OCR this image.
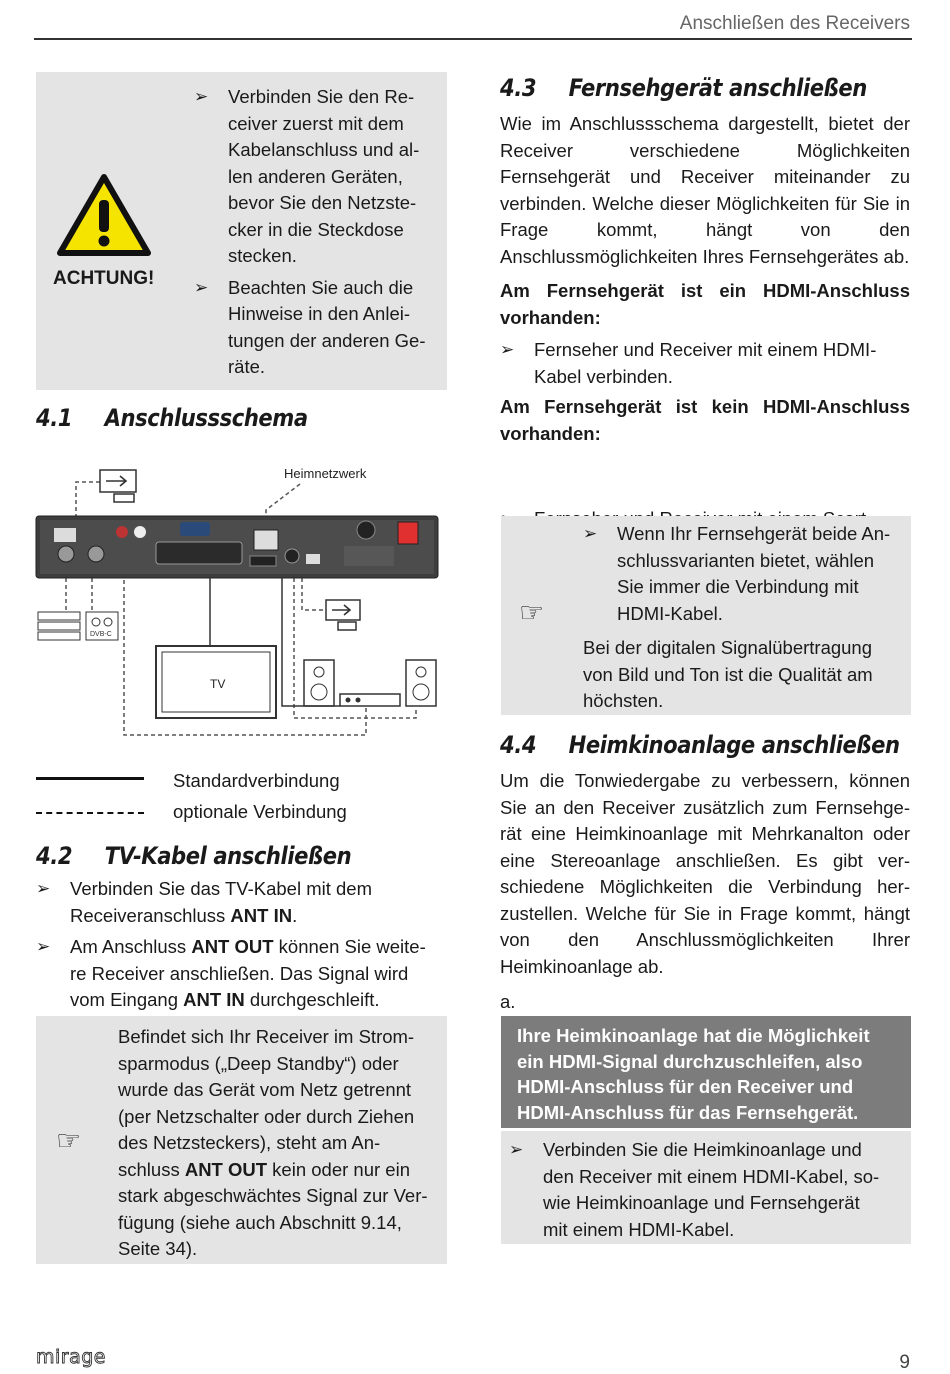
Anschließen des Receivers
ACHTUNG!
➢ Verbinden Sie den Re-
ceiver zuerst mit dem
Kabelanschluss und al-
len anderen Geräten,
bevor Sie den Netzste-
cker in die Steckdose
stecken.
➢ Beachten Sie auch die
Hinweise in den Anlei-
tungen der anderen Ge-
räte.
4.1 Anschlussschema
Heimnetzwerk
DVB-C
TV
Standardverbindung
optionale Verbindung
4.2 TV-Kabel anschließen
➢ Verbinden Sie das TV-Kabel mit dem
Receiveranschluss ANT IN.
➢ Am Anschluss ANT OUT können Sie weite-
re Receiver anschließen. Das Signal wird
vom Eingang ANT IN durchgeschleift.
☞
Befindet sich Ihr Receiver im Strom-
sparmodus („Deep Standby“) oder
wurde das Gerät vom Netz getrennt
(per Netzschalter oder durch Ziehen
des Netzsteckers), steht am An-
schluss ANT OUT kein oder nur ein
stark abgeschwächtes Signal zur Ver-
fügung (siehe auch Abschnitt 9.14,
Seite 34).
4.3 Fernsehgerät anschließen
Wie im Anschlussschema dargestellt, bietet der Receiver verschiedene Möglichkeiten Fernsehgerät und Receiver miteinander zu verbinden. Welche dieser Möglichkeiten für Sie in Frage kommt, hängt von den Anschlussmöglichkeiten Ihres Fernsehgerätes ab.
Am Fernsehgerät ist ein HDMI-Anschluss vorhanden:
➢ Fernseher und Receiver mit einem HDMI-
Kabel verbinden.
Am Fernsehgerät ist kein HDMI-Anschluss vorhanden:
➢
☞
➢ Wenn Ihr Fernsehgerät beide An-
schlussvarianten bietet, wählen
Sie immer die Verbindung mit
HDMI-Kabel.
Bei der digitalen Signalübertragung
von Bild und Ton ist die Qualität am
höchsten.
4.4 Heimkinoanlage anschließen
Um die Tonwiedergabe zu verbessern, können Sie an den Receiver zusätzlich zum Fernsehge-rät eine Heimkinoanlage mit Mehrkanalton oder eine Stereoanlage anschließen. Es gibt ver-schiedene Möglichkeiten die Verbindung her-zustellen. Welche für Sie in Frage kommt, hängt von den Anschlussmöglichkeiten Ihrer Heimkinoanlage ab.
a.
Ihre Heimkinoanlage hat die Möglichkeit
ein HDMI-Signal durchzuschleifen, also
HDMI-Anschluss für den Receiver und
HDMI-Anschluss für das Fernsehgerät.
➢ Verbinden Sie die Heimkinoanlage und
den Receiver mit einem HDMI-Kabel, so-
wie Heimkinoanlage und Fernsehgerät
mit einem HDMI-Kabel.
mirage	9
